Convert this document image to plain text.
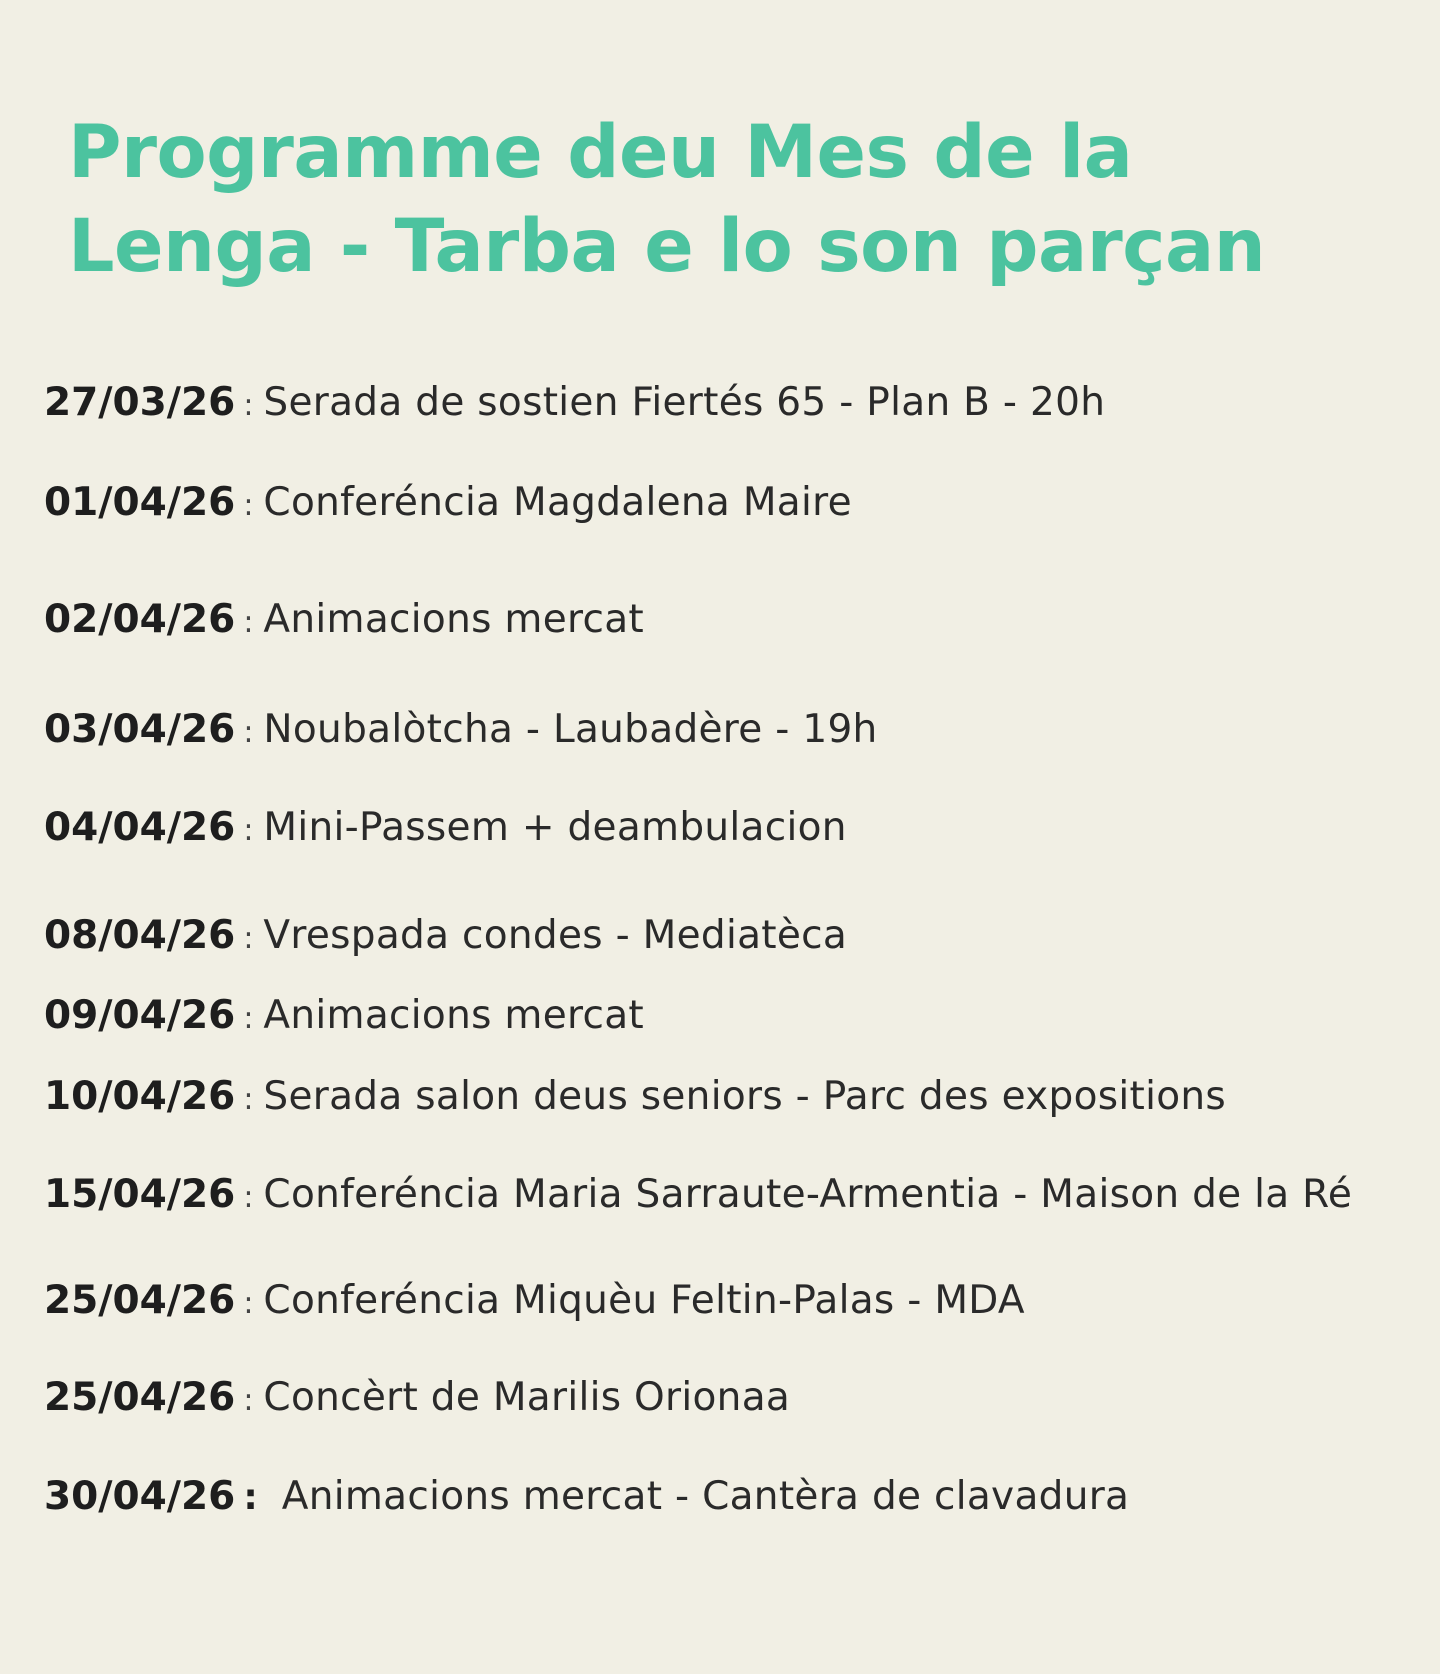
Programme deu Mes de la
Lenga - Tarba e lo son parçan
27/03/26 : Serada de sostien Fiertés 65 - Plan B - 20h
01/04/26 : Conferéncia Magdalena Maire
02/04/26 : Animacions mercat
03/04/26 : Noubalòtcha - Laubadère - 19h
04/04/26 : Mini-Passem + deambulacion
08/04/26 : Vrespada condes - Mediatèca
09/04/26 : Animacions mercat
10/04/26 : Serada salon deus seniors - Parc des expositions
15/04/26 : Conferéncia Maria Sarraute-Armentia - Maison de la Ré
25/04/26 : Conferéncia Miquèu Feltin-Palas - MDA
25/04/26 : Concèrt de Marilis Orionaa
30/04/26 : Animacions mercat - Cantèra de clavadura
